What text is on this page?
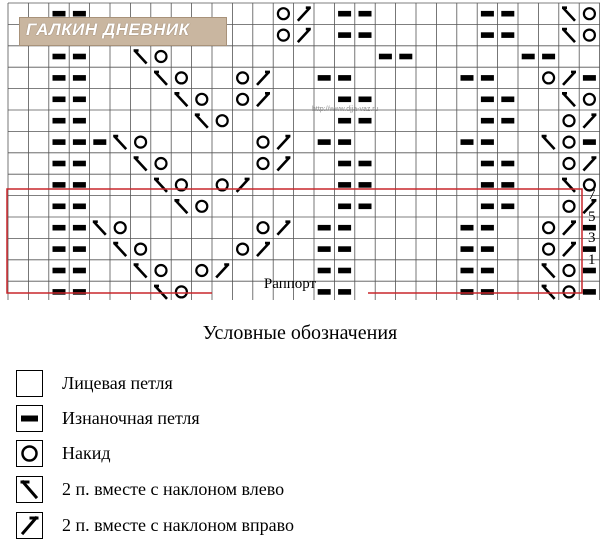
ГАЛКИН ДНЕВНИК
http://www.djja-vaz.ru
7
5
3
1
Раппорт
Условные обозначения
Лицевая петля
Изнаночная петля
Накид
2 п. вместе с наклоном влево
2 п. вместе с наклоном вправо
